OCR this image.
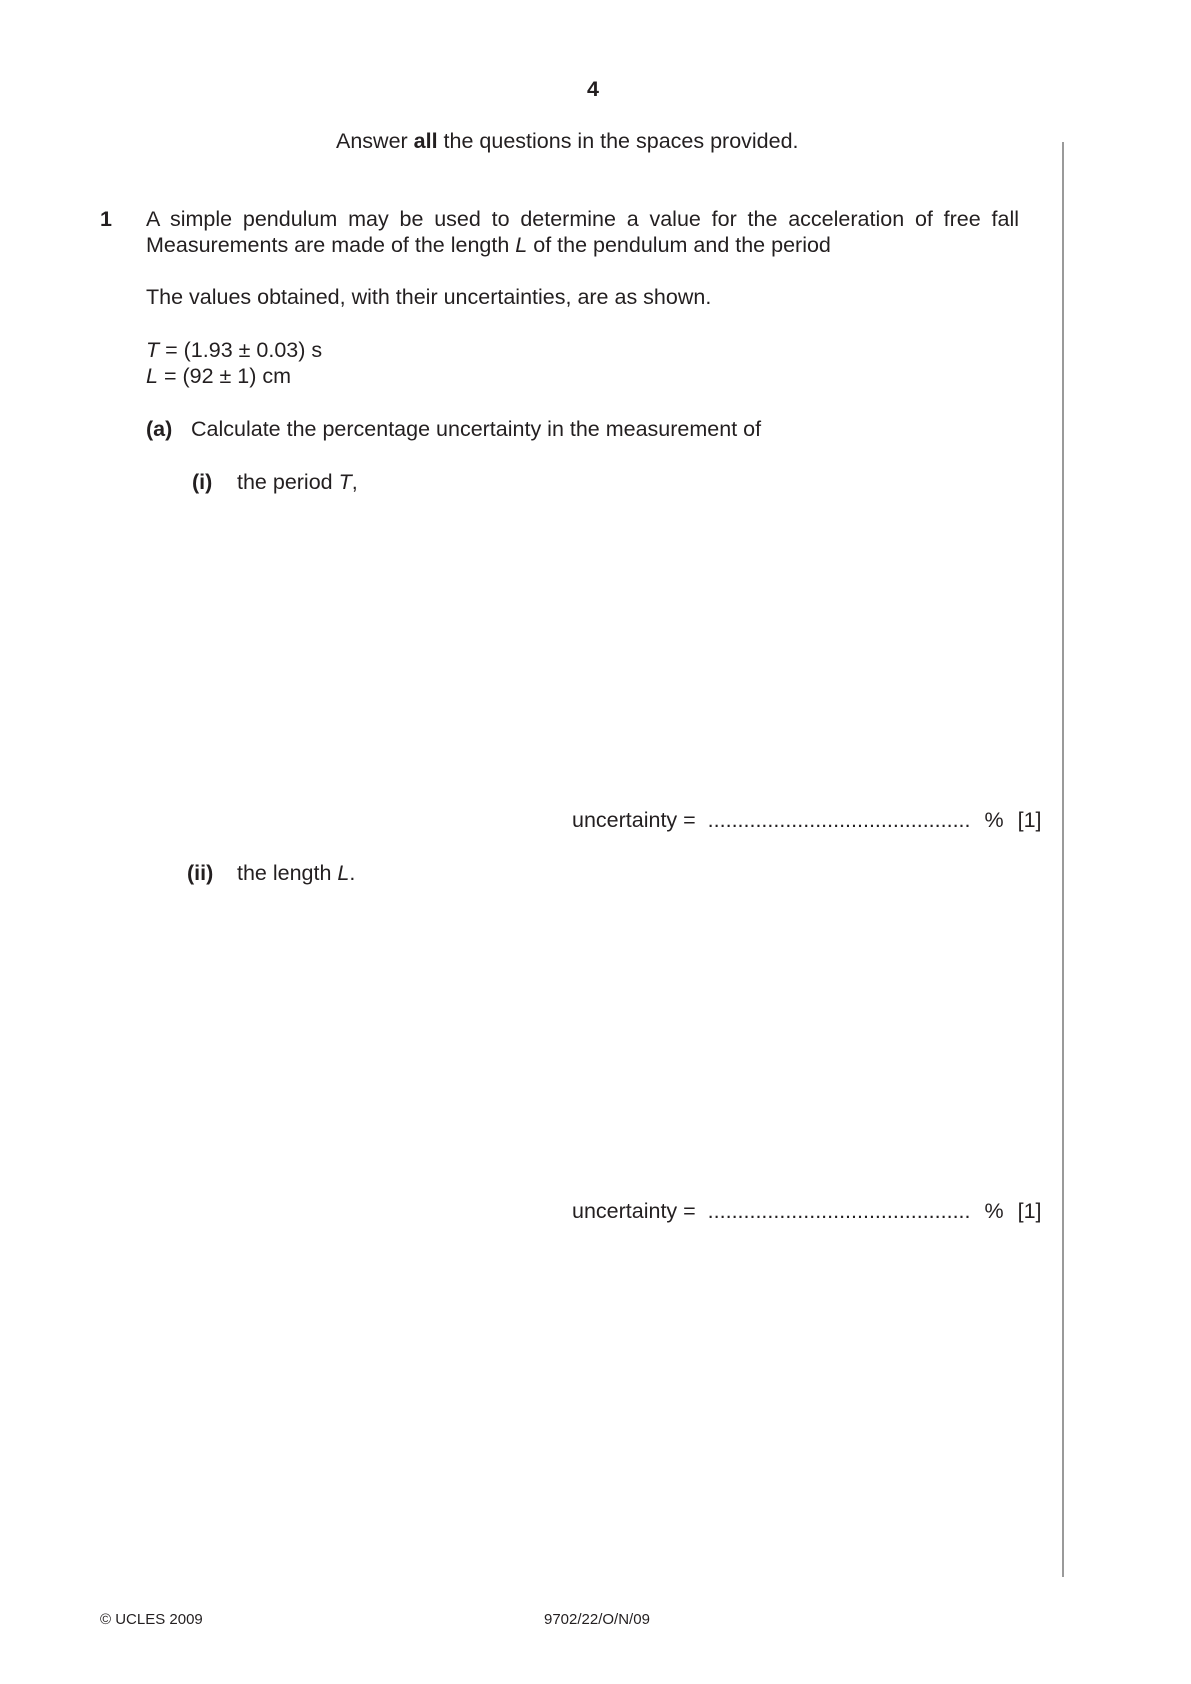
4
Answer all the questions in the spaces provided.
1 A simple pendulum may be used to determine a value for the acceleration of free fall
Measurements are made of the length L of the pendulum and the period
The values obtained, with their uncertainties, are as shown.
T = (1.93 ± 0.03) s
L = (92 ± 1) cm
(a) Calculate the percentage uncertainty in the measurement of
(i) the period T,
uncertainty = ............................................ % [1]
(ii) the length L.
uncertainty = ............................................ % [1]
© UCLES 2009	9702/22/O/N/09
